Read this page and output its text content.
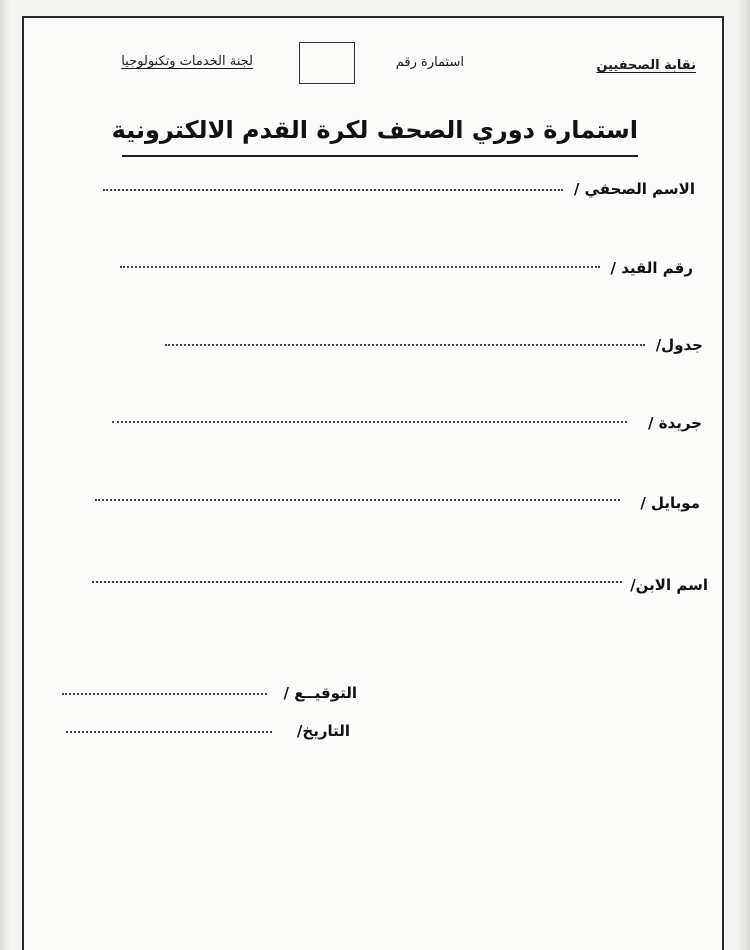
نقابة الصحفيين
استمارة رقم
لجنة الخدمات وتكنولوجيا
استمارة دوري الصحف لكرة القدم الالكترونية
الاسم الصحفي /
رقم القيد /
جدول/
جريدة /
موبايل /
اسم الابن/
التوقيــع /
التاريخ/
